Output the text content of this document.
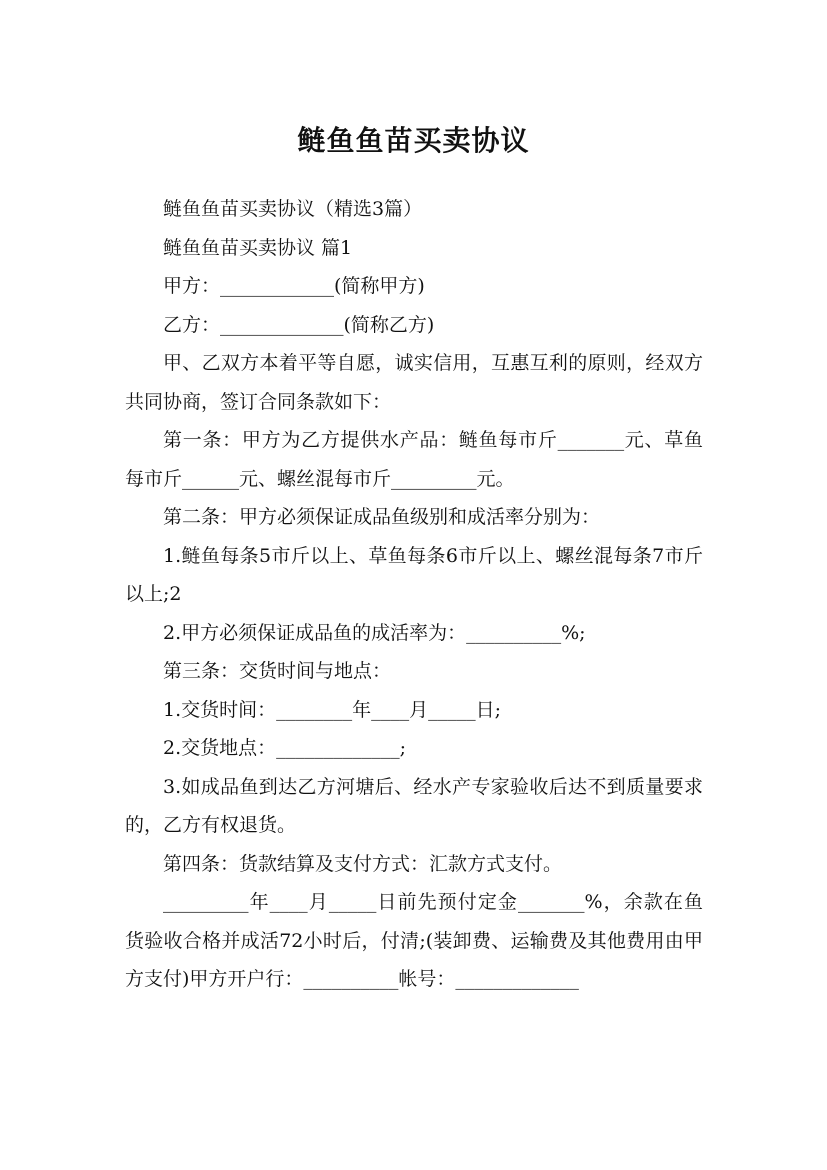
鲢鱼鱼苗买卖协议

鲢鱼鱼苗买卖协议（精选3篇）

鲢鱼鱼苗买卖协议 篇1

甲方：____________(简称甲方)

乙方：_____________(简称乙方)

甲、乙双方本着平等自愿，诚实信用，互惠互利的原则，经双方共同协商，签订合同条款如下：

第一条：甲方为乙方提供水产品：鲢鱼每市斤_______元、草鱼每市斤______元、螺丝混每市斤_________元。

第二条：甲方必须保证成品鱼级别和成活率分别为：

1.鲢鱼每条5市斤以上、草鱼每条6市斤以上、螺丝混每条7市斤以上;2

2.甲方必须保证成品鱼的成活率为：__________%;

第三条：交货时间与地点：

1.交货时间：________年____月_____日;

2.交货地点：_____________;

3.如成品鱼到达乙方河塘后、经水产专家验收后达不到质量要求的，乙方有权退货。

第四条：货款结算及支付方式：汇款方式支付。

_________年____月_____日前先预付定金_______%，余款在鱼货验收合格并成活72小时后，付清;(装卸费、运输费及其他费用由甲方支付)甲方开户行：__________帐号：_____________
